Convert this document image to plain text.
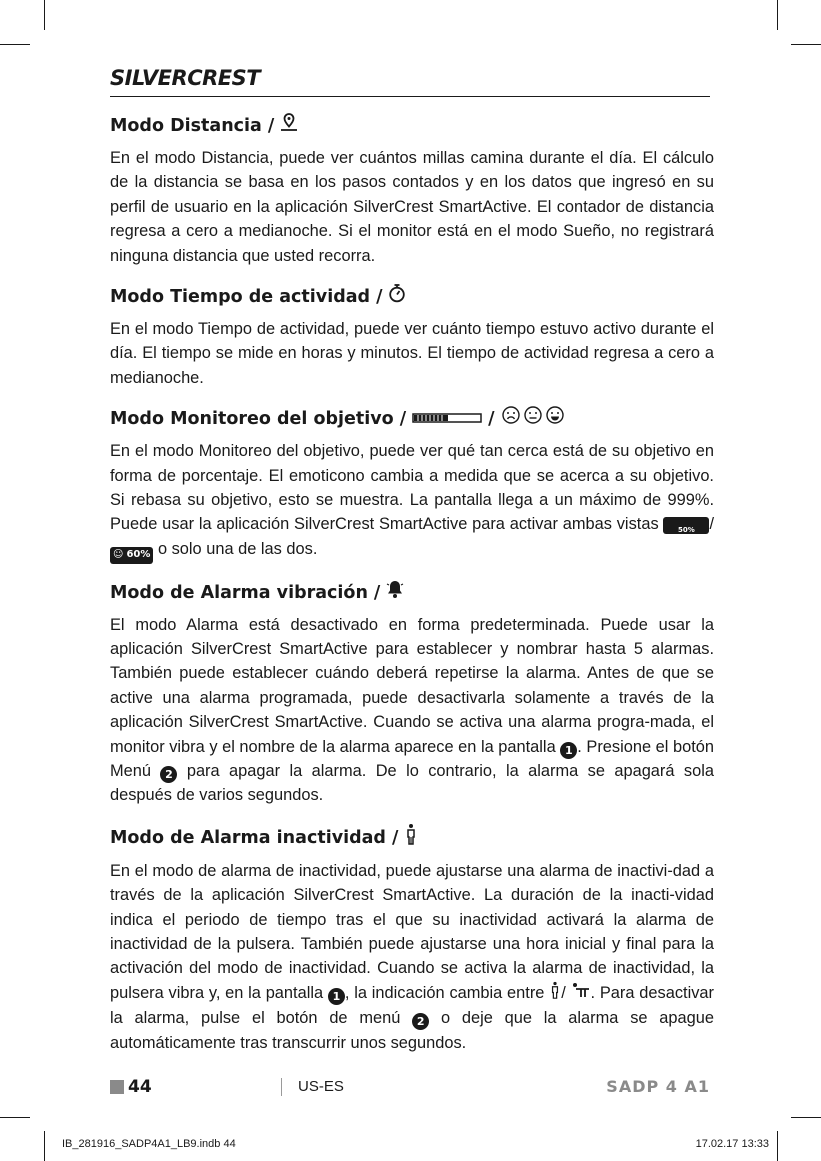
SILVERCREST
Modo Distancia /

En el modo Distancia, puede ver cuántos millas camina durante el día. El cálculo de la distancia se basa en los pasos contados y en los datos que ingresó en su perfil de usuario en la aplicación SilverCrest SmartActive. El contador de distancia regresa a cero a medianoche. Si el monitor está en el modo Sueño, no registrará ninguna distancia que usted recorra.

Modo Tiempo de actividad /

En el modo Tiempo de actividad, puede ver cuánto tiempo estuvo activo durante el día. El tiempo se mide en horas y minutos. El tiempo de actividad regresa a cero a medianoche.

Modo Monitoreo del objetivo /	/

En el modo Monitoreo del objetivo, puede ver qué tan cerca está de su objetivo en forma de porcentaje. El emoticono cambia a medida que se acerca a su objetivo. Si rebasa su objetivo, esto se muestra. La pantalla llega a un máximo de 999%. Puede usar la aplicación SilverCrest SmartActive para activar ambas vistas	50% /
☺ 60% o solo una de las dos.

Modo de Alarma vibración /

El modo Alarma está desactivado en forma predeterminada. Puede usar la aplicación SilverCrest SmartActive para establecer y nombrar hasta 5 alarmas. También puede establecer cuándo deberá repetirse la alarma. Antes de que se active una alarma programada, puede desactivarla solamente a través de la aplicación SilverCrest SmartActive. Cuando se activa una alarma progra-mada, el monitor vibra y el nombre de la alarma aparece en la pantalla 1 . Presione el botón Menú 2 para apagar la alarma. De lo contrario, la alarma se apagará sola después de varios segundos.

Modo de Alarma inactividad /

En el modo de alarma de inactividad, puede ajustarse una alarma de inactivi-dad a través de la aplicación SilverCrest SmartActive. La duración de la inacti-vidad indica el periodo de tiempo tras el que su inactividad activará la alarma de inactividad de la pulsera. También puede ajustarse una hora inicial y final para la activación del modo de inactividad. Cuando se activa la alarma de inactividad, la pulsera vibra y, en la pantalla 1 , la indicación cambia entre / . Para desactivar la alarma, pulse el botón de menú 2 o deje que la alarma se apague automáticamente tras transcurrir unos segundos.

44	US-ES	SADP 4 A1
IB_281916_SADP4A1_LB9.indb 44	17.02.17 13:33
